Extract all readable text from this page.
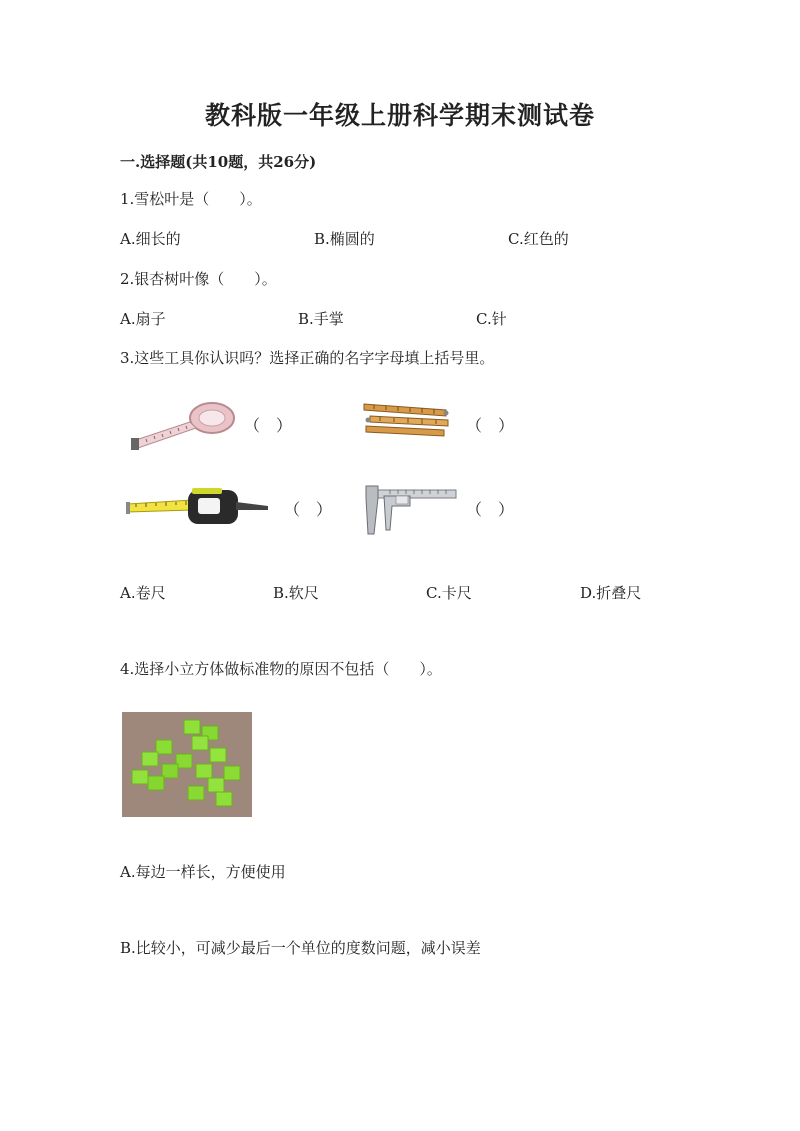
教科版一年级上册科学期末测试卷
一.选择题(共10题，共26分)
1.雪松叶是（　　）。
A.细长的	B.椭圆的	C.红色的
2.银杏树叶像（　　）。
A.扇子	B.手掌	C.针
3.这些工具你认识吗？选择正确的名字字母填上括号里。
（　）	（　）
（　）	（　）
A.卷尺	B.软尺	C.卡尺	D.折叠尺
4.选择小立方体做标准物的原因不包括（　　）。
A.每边一样长，方便使用
B.比较小，可减少最后一个单位的度数问题，减小误差
